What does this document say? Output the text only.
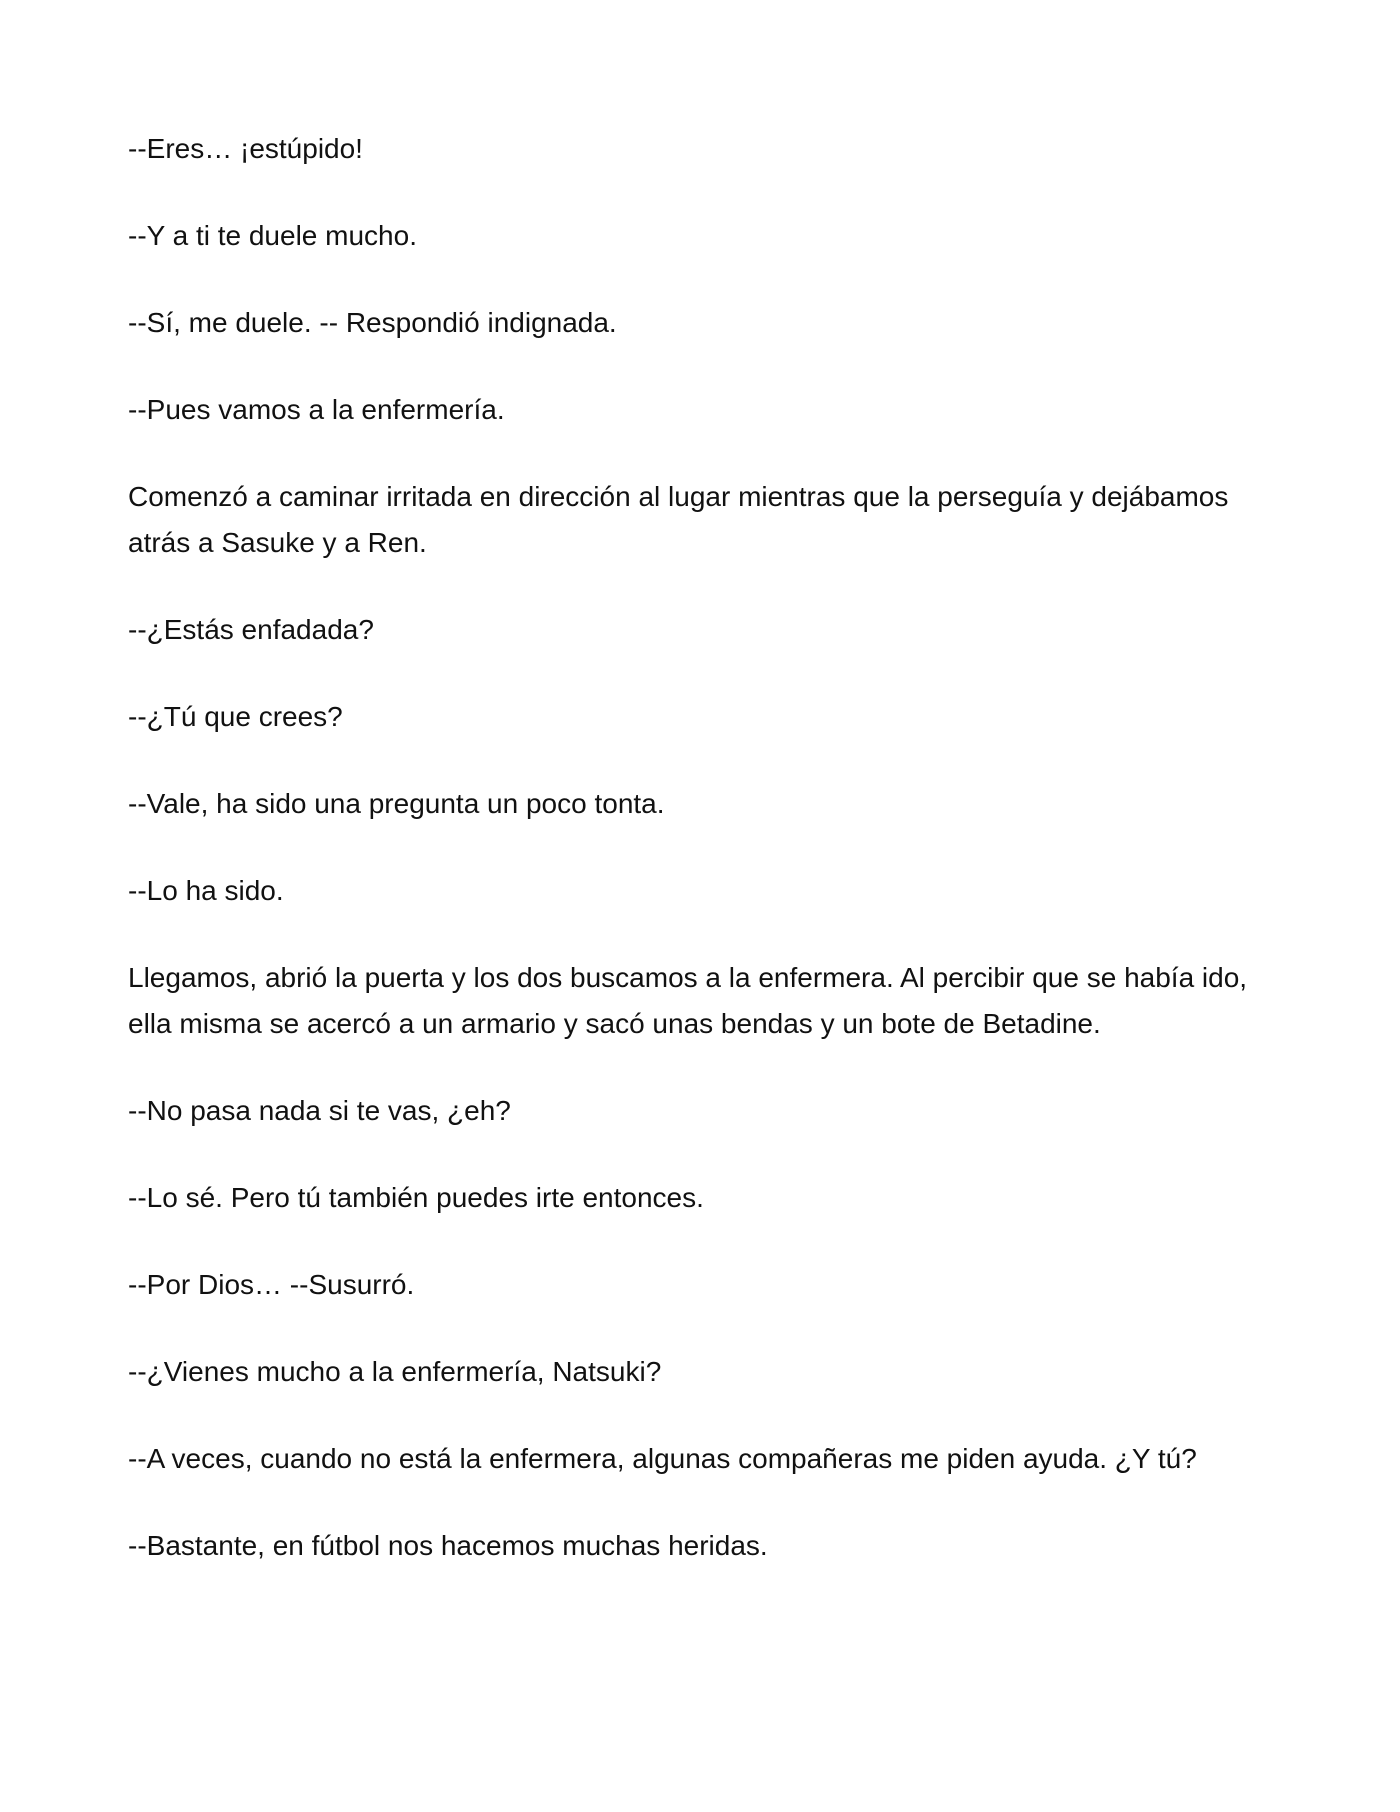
--Eres… ¡estúpido!

--Y a ti te duele mucho.

--Sí, me duele. -- Respondió indignada.

--Pues vamos a la enfermería.

Comenzó a caminar irritada en dirección al lugar mientras que la perseguía y dejábamos atrás a Sasuke y a Ren.

--¿Estás enfadada?

--¿Tú que crees?

--Vale, ha sido una pregunta un poco tonta.

--Lo ha sido.

Llegamos, abrió la puerta y los dos buscamos a la enfermera. Al percibir que se había ido, ella misma se acercó a un armario y sacó unas bendas y un bote de Betadine.

--No pasa nada si te vas, ¿eh?

--Lo sé. Pero tú también puedes irte entonces.

--Por Dios… --Susurró.

--¿Vienes mucho a la enfermería, Natsuki?

--A veces, cuando no está la enfermera, algunas compañeras me piden ayuda. ¿Y tú?

--Bastante, en fútbol nos hacemos muchas heridas.
